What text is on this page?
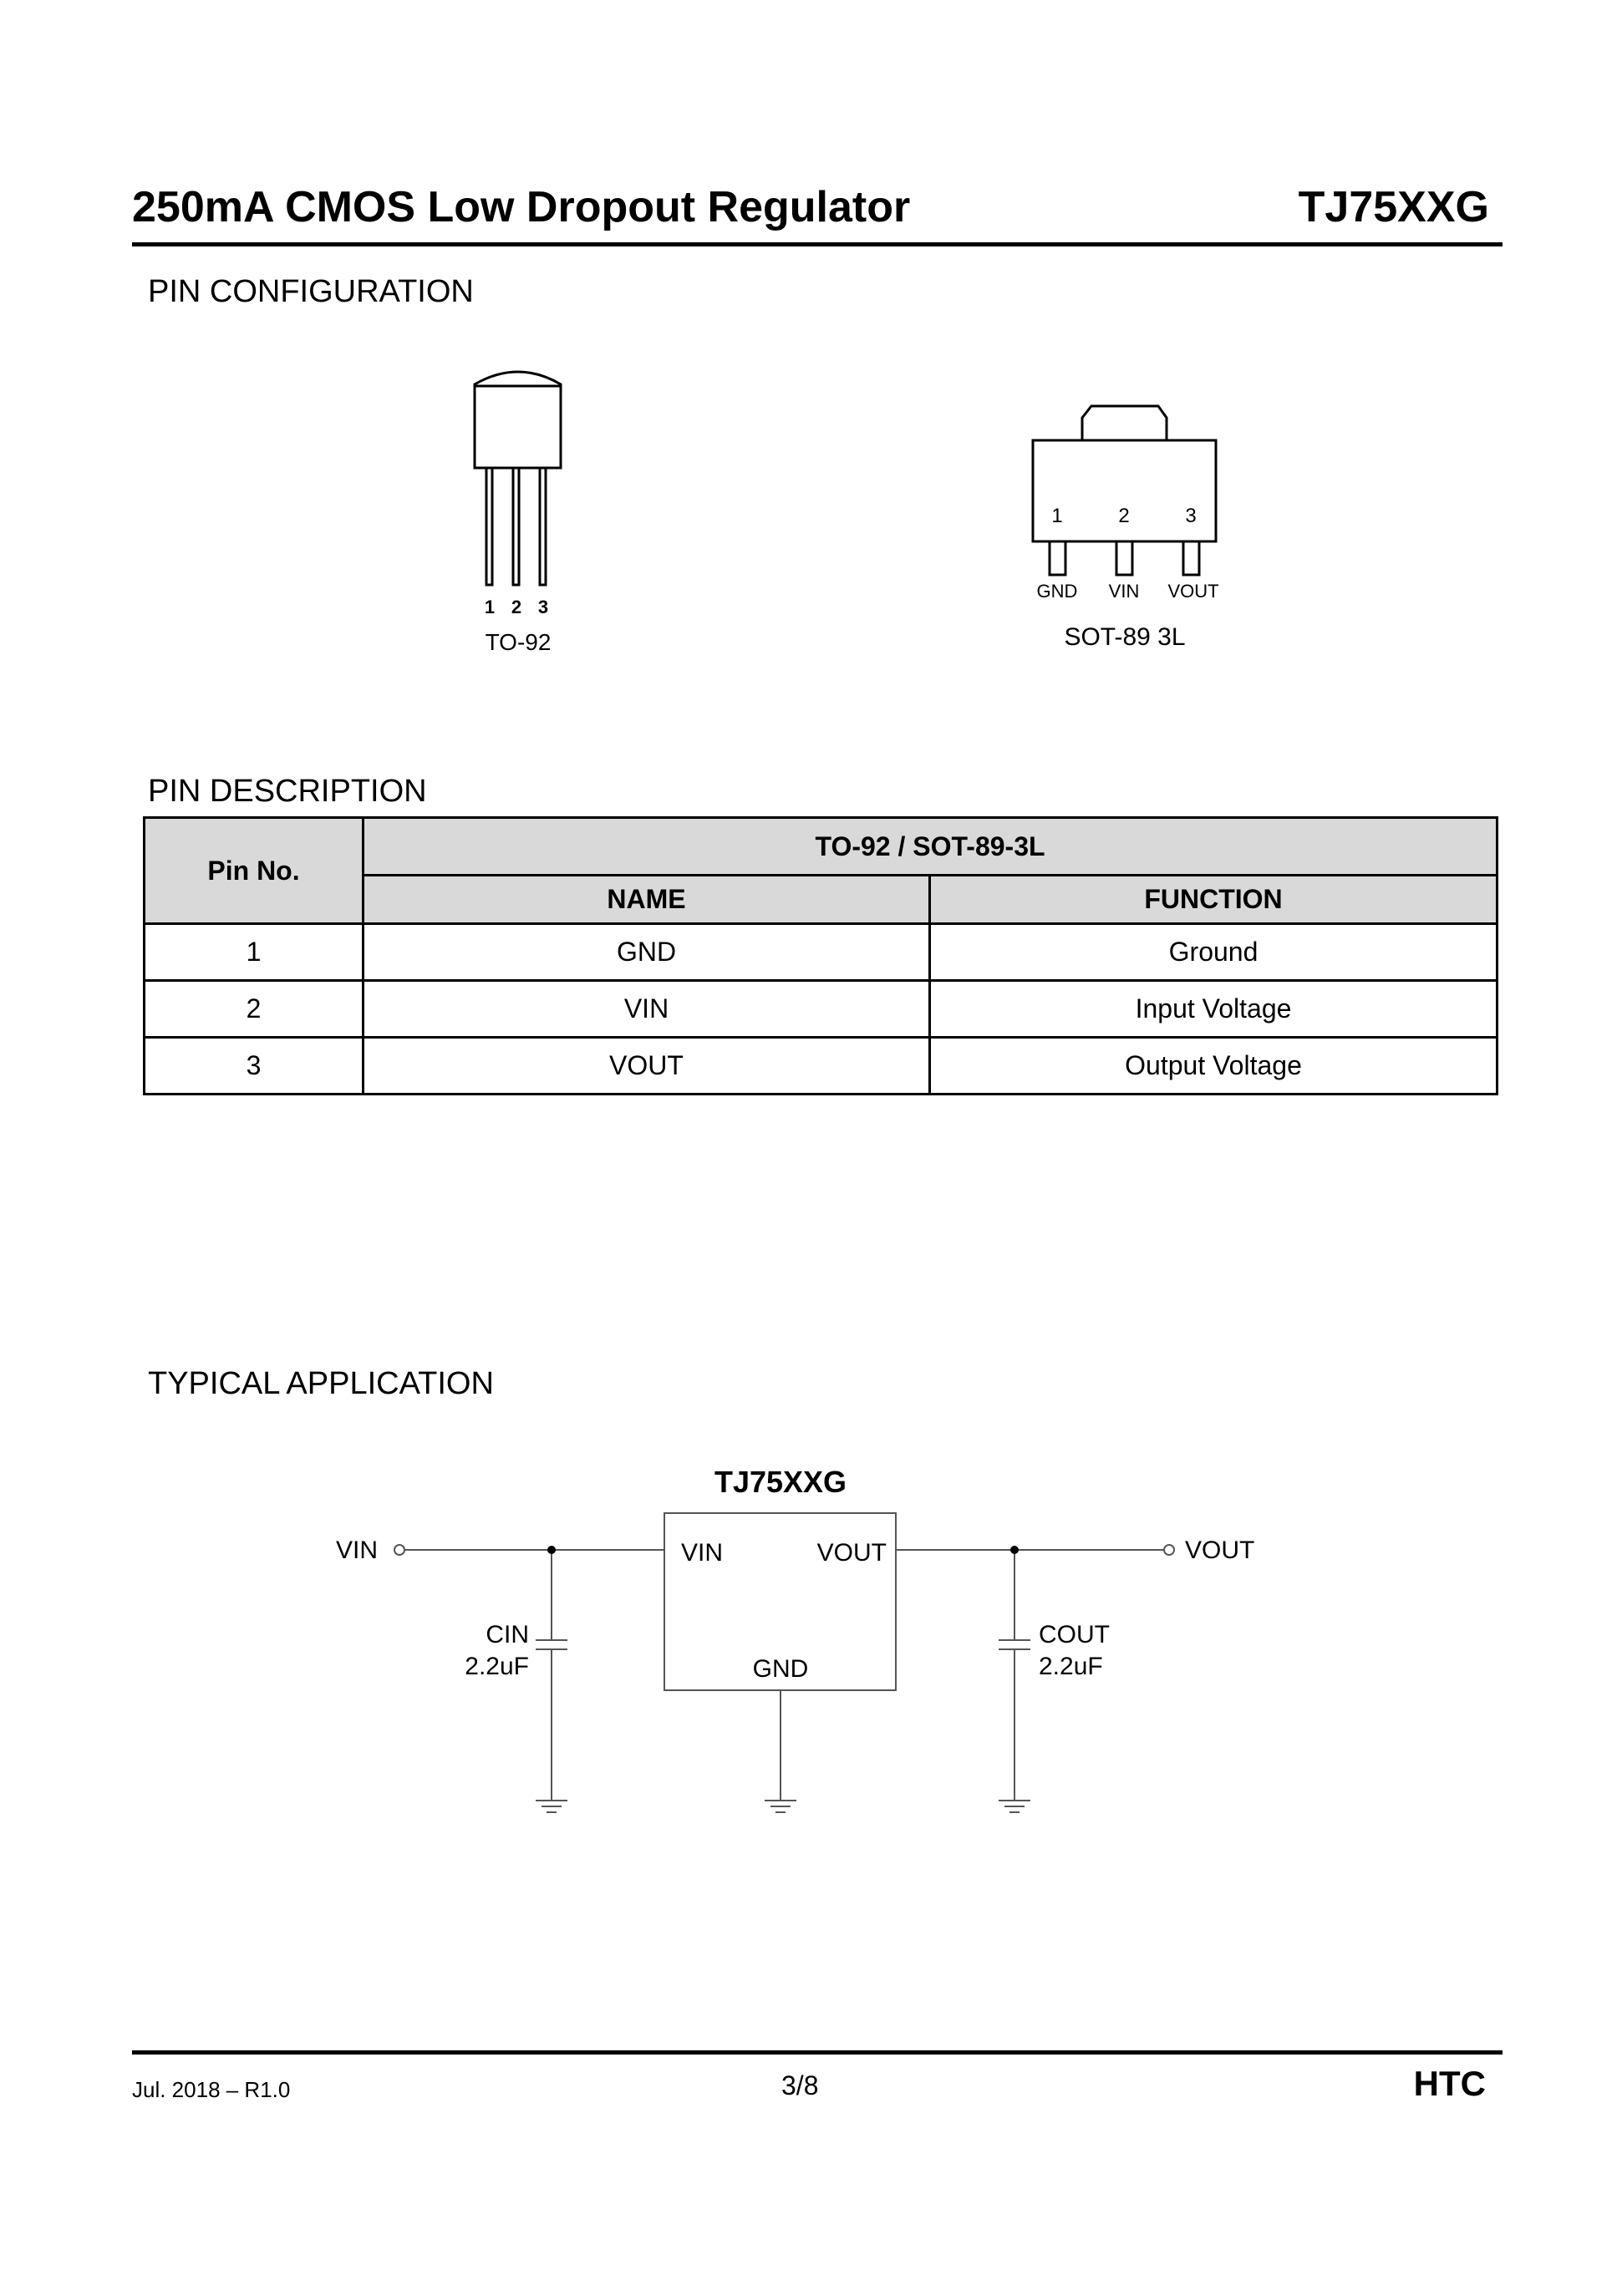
250mA CMOS Low Dropout Regulator	TJ75XXG
PIN CONFIGURATION
1 2 3
TO-92
1	2	3
GND VIN VOUT
SOT-89 3L
PIN DESCRIPTION
Pin No.	TO-92 / SOT-89-3L	
	NAME	FUNCTION
1	GND	Ground
2	VIN	Input Voltage
3	VOUT	Output Voltage
TYPICAL APPLICATION
TJ75XXG
VIN	VOUT
VIN	VOUT
GND
CIN
2.2uF
COUT
2.2uF
Jul. 2018 – R1.0	3/8	HTC
